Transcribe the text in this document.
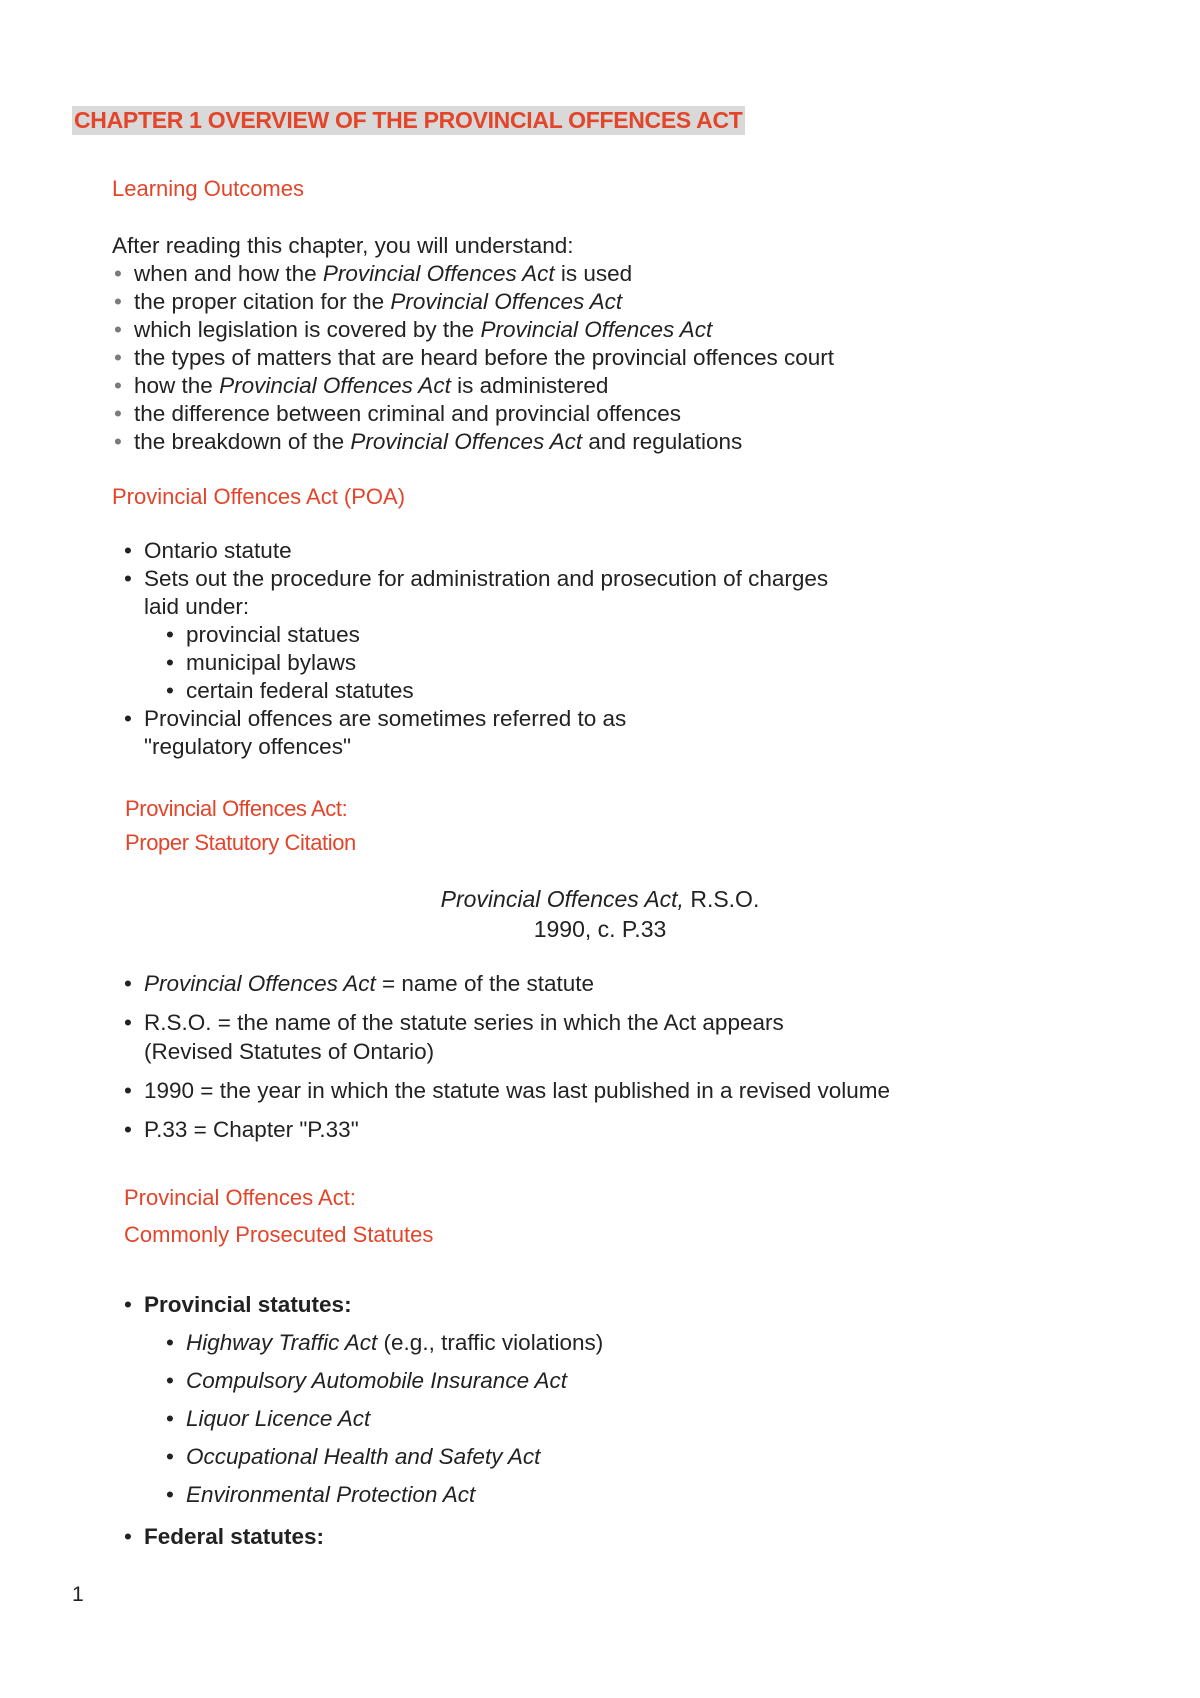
CHAPTER 1 OVERVIEW OF THE PROVINCIAL OFFENCES ACT
Learning Outcomes
After reading this chapter, you will understand:
• when and how the Provincial Offences Act is used
• the proper citation for the Provincial Offences Act
• which legislation is covered by the Provincial Offences Act
• the types of matters that are heard before the provincial offences court
• how the Provincial Offences Act is administered
• the difference between criminal and provincial offences
• the breakdown of the Provincial Offences Act and regulations
Provincial Offences Act (POA)
• Ontario statute
• Sets out the procedure for administration and prosecution of charges
laid under:
• provincial statues
• municipal bylaws
• certain federal statutes
• Provincial offences are sometimes referred to as
"regulatory offences"
Provincial Offences Act:
Proper Statutory Citation
Provincial Offences Act, R.S.O.
1990, c. P.33
• Provincial Offences Act = name of the statute
• R.S.O. = the name of the statute series in which the Act appears
(Revised Statutes of Ontario)
• 1990 = the year in which the statute was last published in a revised volume
• P.33 = Chapter "P.33"
Provincial Offences Act:
Commonly Prosecuted Statutes
• Provincial statutes:
• Highway Traffic Act (e.g., traffic violations)
• Compulsory Automobile Insurance Act
• Liquor Licence Act
• Occupational Health and Safety Act
• Environmental Protection Act
• Federal statutes:
1
